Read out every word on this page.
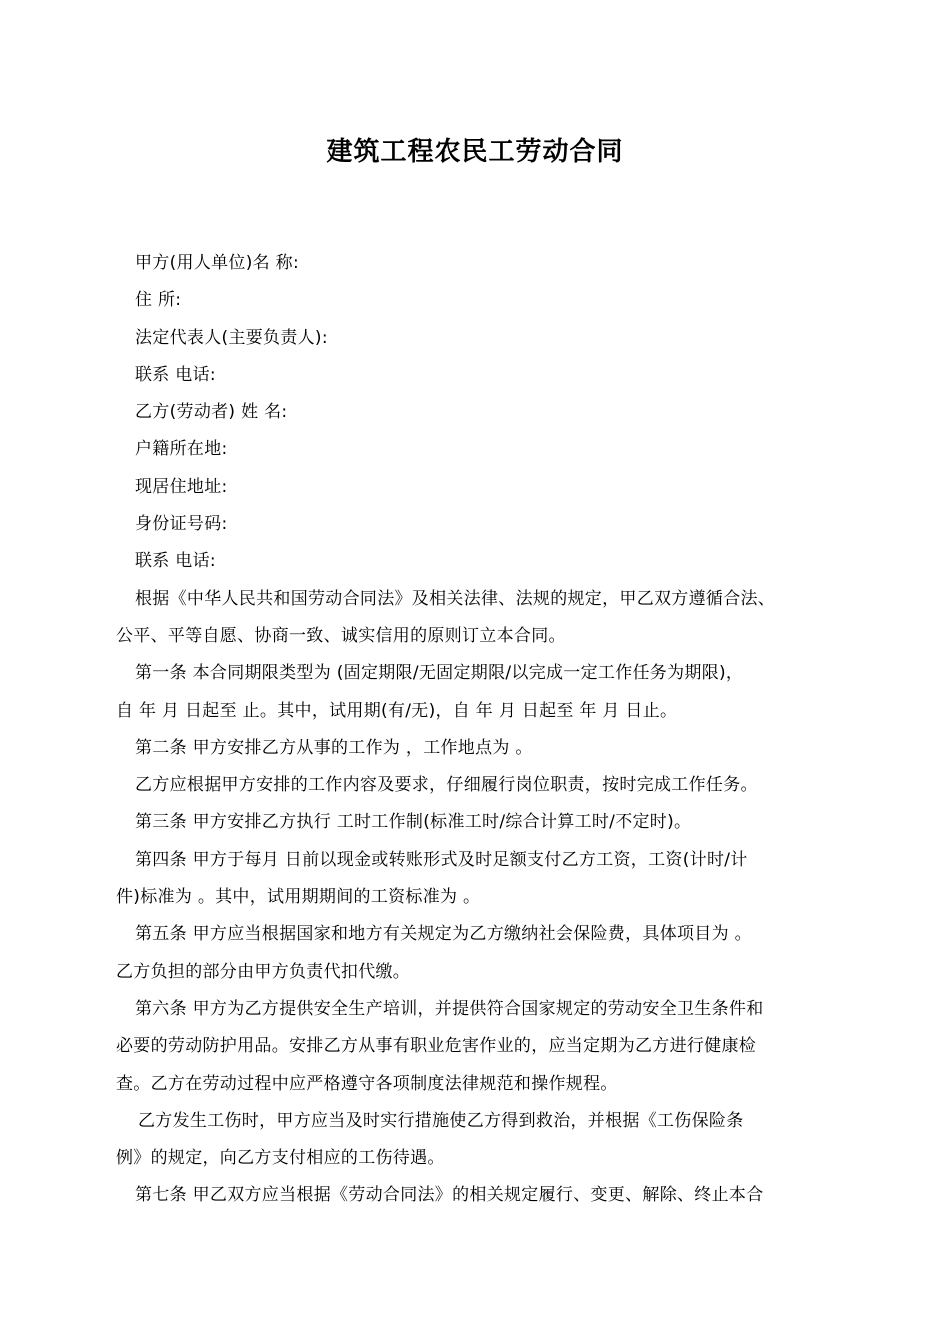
建筑工程农民工劳动合同
甲方(用人单位)名 称:
住 所:
法定代表人(主要负责人):
联系 电话:
乙方(劳动者) 姓 名:
户籍所在地:
现居住地址:
身份证号码:
联系 电话:
根据《中华人民共和国劳动合同法》及相关法律、法规的规定，甲乙双方遵循合法、
公平、平等自愿、协商一致、诚实信用的原则订立本合同。
第一条 本合同期限类型为 (固定期限/无固定期限/以完成一定工作任务为期限)，
自 年 月 日起至 止。其中，试用期(有/无)，自 年 月 日起至 年 月 日止。
第二条 甲方安排乙方从事的工作为 ，工作地点为 。
乙方应根据甲方安排的工作内容及要求，仔细履行岗位职责，按时完成工作任务。
第三条 甲方安排乙方执行 工时工作制(标准工时/综合计算工时/不定时)。
第四条 甲方于每月 日前以现金或转账形式及时足额支付乙方工资，工资(计时/计
件)标准为 。其中，试用期期间的工资标准为 。
第五条 甲方应当根据国家和地方有关规定为乙方缴纳社会保险费，具体项目为 。
乙方负担的部分由甲方负责代扣代缴。
第六条 甲方为乙方提供安全生产培训，并提供符合国家规定的劳动安全卫生条件和
必要的劳动防护用品。安排乙方从事有职业危害作业的，应当定期为乙方进行健康检
查。乙方在劳动过程中应严格遵守各项制度法律规范和操作规程。
乙方发生工伤时，甲方应当及时实行措施使乙方得到救治，并根据《工伤保险条
例》的规定，向乙方支付相应的工伤待遇。
第七条 甲乙双方应当根据《劳动合同法》的相关规定履行、变更、解除、终止本合
